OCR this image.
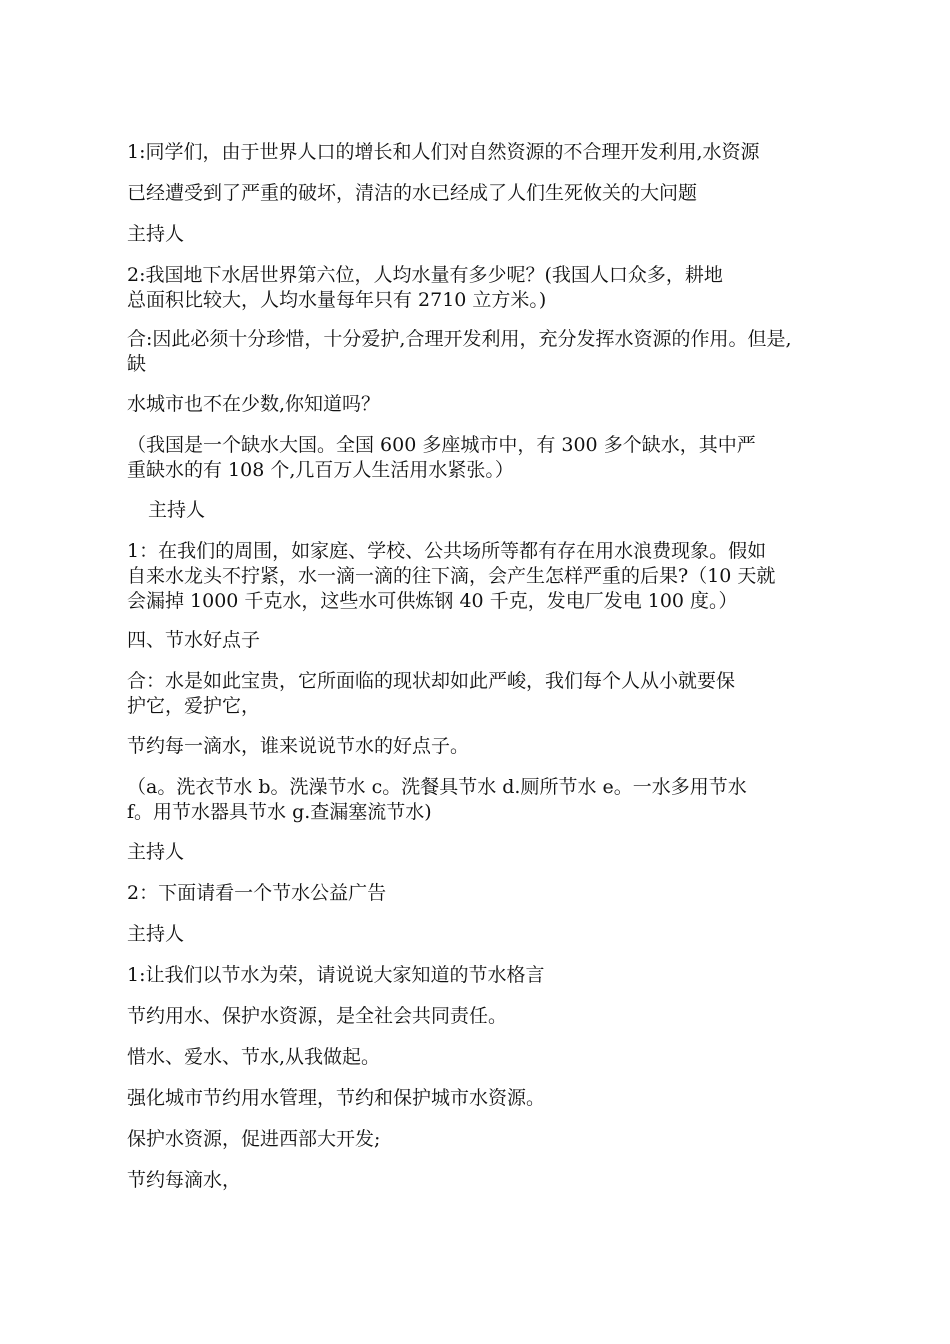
1:同学们，由于世界人口的增长和人们对自然资源的不合理开发利用,水资源
已经遭受到了严重的破坏，清洁的水已经成了人们生死攸关的大问题
主持人
2:我国地下水居世界第六位，人均水量有多少呢？(我国人口众多，耕地
总面积比较大，人均水量每年只有 2710 立方米。)
合:因此必须十分珍惜，十分爱护,合理开发利用，充分发挥水资源的作用。但是,
缺
水城市也不在少数,你知道吗？
（我国是一个缺水大国。全国 600 多座城市中，有 300 多个缺水，其中严
重缺水的有 108 个,几百万人生活用水紧张。）
主持人
1：在我们的周围，如家庭、学校、公共场所等都有存在用水浪费现象。假如
自来水龙头不拧紧，水一滴一滴的往下滴，会产生怎样严重的后果?（10 天就
会漏掉 1000 千克水，这些水可供炼钢 40 千克，发电厂发电 100 度。）
四、节水好点子
合：水是如此宝贵，它所面临的现状却如此严峻，我们每个人从小就要保
护它，爱护它，
节约每一滴水，谁来说说节水的好点子。
（a。洗衣节水 b。洗澡节水 c。洗餐具节水 d.厕所节水 e。一水多用节水
f。用节水器具节水 g.查漏塞流节水)
主持人
2：下面请看一个节水公益广告
主持人
1:让我们以节水为荣，请说说大家知道的节水格言
节约用水、保护水资源，是全社会共同责任。
惜水、爱水、节水,从我做起。
强化城市节约用水管理，节约和保护城市水资源。
保护水资源，促进西部大开发;
节约每滴水，
